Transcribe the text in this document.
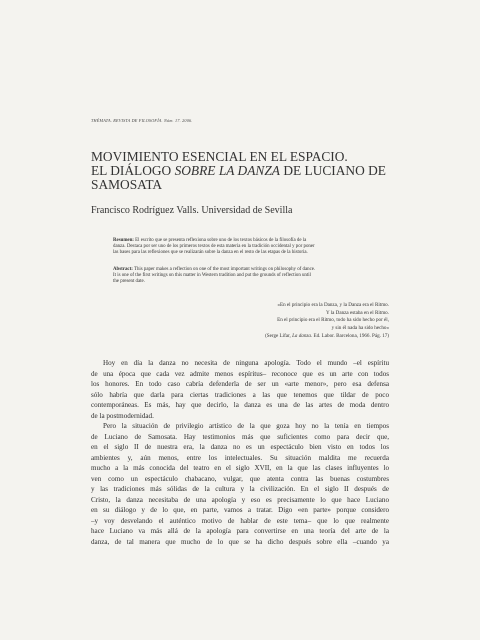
THÉMATA. REVISTA DE FILOSOFÍA. Núm. 17. 2006.
MOVIMIENTO ESENCIAL EN EL ESPACIO.
EL DIÁLOGO SOBRE LA DANZA DE LUCIANO DE
SAMOSATA
Francisco Rodríguez Valls. Universidad de Sevilla
Resumen: El escrito que se presenta reflexiona sobre uno de los textos básicos de la filosofía de la
danza. Destaca por ser uno de los primeros textos de esta materia en la tradición occidental y por poner
las bases para las reflexiones que se realizarán sobre la danza en el resto de las etapas de la historia.
Abstract: This paper makes a reflection on one of the most important writings on philosophy of dance.
It is one of the first writings on this matter in Western tradition and put the grounds of reflection until
the present date.
«En el principio era la Danza, y la Danza era el Ritmo.
Y la Danza estaba en el Ritmo.
En el principio era el Ritmo, todo ha sido hecho por él,
y sin él nada ha sido hecho»
(Serge Lifar, La danza. Ed. Labor. Barcelona, 1966. Pág. 17)
Hoy en día la danza no necesita de ninguna apología. Todo el mundo –el espíritu
de una época que cada vez admite menos espíritus– reconoce que es un arte con todos
los honores. En todo caso cabría defenderla de ser un «arte menor», pero esa defensa
sólo habría que darla para ciertas tradiciones a las que tenemos que tildar de poco
contemporáneas. Es más, hay que decirlo, la danza es una de las artes de moda dentro
de la postmodernidad.
Pero la situación de privilegio artístico de la que goza hoy no la tenía en tiempos
de Luciano de Samosata. Hay testimonios más que suficientes como para decir que,
en el siglo II de nuestra era, la danza no es un espectáculo bien visto en todos los
ambientes y, aún menos, entre los intelectuales. Su situación maldita me recuerda
mucho a la más conocida del teatro en el siglo XVII, en la que las clases influyentes lo
ven como un espectáculo chabacano, vulgar, que atenta contra las buenas costumbres
y las tradiciones más sólidas de la cultura y la civilización. En el siglo II después de
Cristo, la danza necesitaba de una apología y eso es precisamente lo que hace Luciano
en su diálogo y de lo que, en parte, vamos a tratar. Digo «en parte» porque considero
–y voy desvelando el auténtico motivo de hablar de este tema– que lo que realmente
hace Luciano va más allá de la apología para convertirse en una teoría del arte de la
danza, de tal manera que mucho de lo que se ha dicho después sobre ella –cuando ya
